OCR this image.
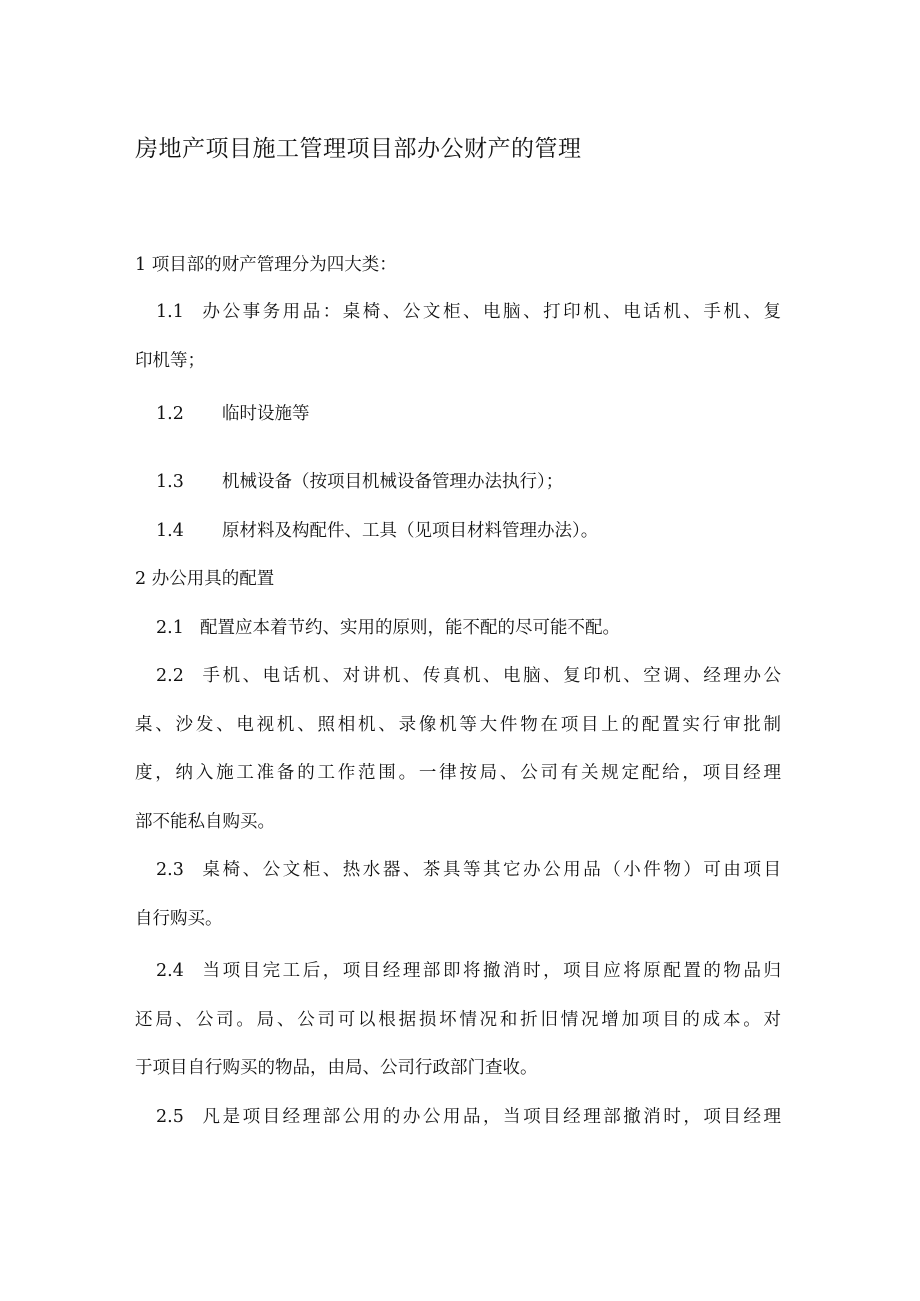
房地产项目施工管理项目部办公财产的管理
1 项目部的财产管理分为四大类：
1.1 办公事务用品：桌椅、公文柜、电脑、打印机、电话机、手机、复
印机等；
1.2 临时设施等
1.3 机械设备（按项目机械设备管理办法执行）；
1.4 原材料及构配件、工具（见项目材料管理办法）。
2 办公用具的配置
2.1 配置应本着节约、实用的原则，能不配的尽可能不配。
2.2 手机、电话机、对讲机、传真机、电脑、复印机、空调、经理办公
桌、沙发、电视机、照相机、录像机等大件物在项目上的配置实行审批制
度，纳入施工准备的工作范围。一律按局、公司有关规定配给，项目经理
部不能私自购买。
2.3 桌椅、公文柜、热水器、茶具等其它办公用品（小件物）可由项目
自行购买。
2.4 当项目完工后，项目经理部即将撤消时，项目应将原配置的物品归
还局、公司。局、公司可以根据损坏情况和折旧情况增加项目的成本。对
于项目自行购买的物品，由局、公司行政部门查收。
2.5 凡是项目经理部公用的办公用品，当项目经理部撤消时，项目经理
